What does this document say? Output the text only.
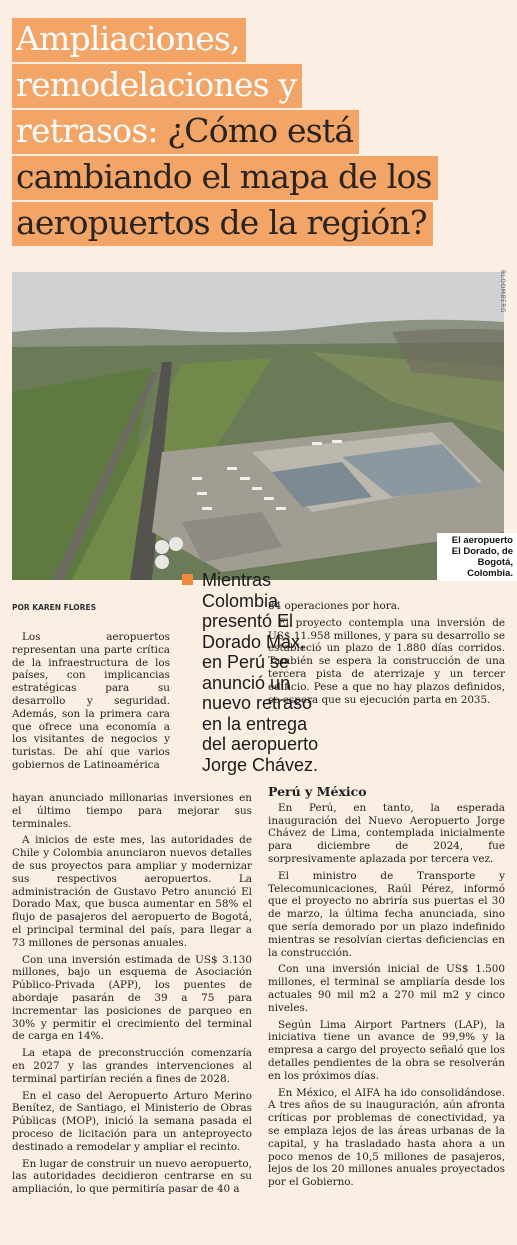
Ampliaciones,
remodelaciones y
retrasos: ¿Cómo está
cambiando el mapa de los
aeropuertos de la región?
BLOOMBERG
El aeropuerto El Dorado, de Bogotá, Colombia.
POR KAREN FLORES
Mientras Colombia presentó El Dorado Max, en Perú se anunció un nuevo retraso en la entrega del aeropuerto Jorge Chávez.

Los aeropuertos representan una parte crítica de la infraestructura de los países, con implicancias estratégicas para su desarrollo y seguridad. Además, son la primera cara que ofrece una economía a los visitantes de negocios y turistas. De ahí que varios gobiernos de Latinoamérica

hayan anunciado millonarias inversiones en el último tiempo para mejorar sus terminales.

A inicios de este mes, las autoridades de Chile y Colombia anunciaron nuevos detalles de sus proyectos para ampliar y modernizar sus respectivos aeropuertos. La administración de Gustavo Petro anunció El Dorado Max, que busca aumentar en 58% el flujo de pasajeros del aeropuerto de Bogotá, el principal terminal del país, para llegar a 73 millones de personas anuales.

Con una inversión estimada de US$ 3.130 millones, bajo un esquema de Asociación Público-Privada (APP), los puentes de abordaje pasarán de 39 a 75 para incrementar las posiciones de parqueo en 30% y permitir el crecimiento del terminal de carga en 14%.

La etapa de preconstrucción comenzaría en 2027 y las grandes intervenciones al terminal partirían recién a fines de 2028.

En el caso del Aeropuerto Arturo Merino Benítez, de Santiago, el Ministerio de Obras Públicas (MOP), inició la semana pasada el proceso de licitación para un anteproyecto destinado a remodelar y ampliar el recinto.

En lugar de construir un nuevo aeropuerto, las autoridades decidieron centrarse en su ampliación, lo que permitiría pasar de 40 a

84 operaciones por hora.

El proyecto contempla una inversión de US$ 11.958 millones, y para su desarrollo se estableció un plazo de 1.880 días corridos. También se espera la construcción de una tercera pista de aterrizaje y un tercer edificio. Pese a que no hay plazos definidos, se espera que su ejecución parta en 2035.

Perú y México

En Perú, en tanto, la esperada inauguración del Nuevo Aeropuerto Jorge Chávez de Lima, contemplada inicialmente para diciembre de 2024, fue sorpresivamente aplazada por tercera vez.

El ministro de Transporte y Telecomunicaciones, Raúl Pérez, informó que el proyecto no abriría sus puertas el 30 de marzo, la última fecha anunciada, sino que sería demorado por un plazo indefinido mientras se resolvían ciertas deficiencias en la construcción.

Con una inversión inicial de US$ 1.500 millones, el terminal se ampliaría desde los actuales 90 mil m2 a 270 mil m2 y cinco niveles.

Según Lima Airport Partners (LAP), la iniciativa tiene un avance de 99,9% y la empresa a cargo del proyecto señaló que los detalles pendientes de la obra se resolverán en los próximos días.

En México, el AIFA ha ido consolidándose. A tres años de su inauguración, aún afronta críticas por problemas de conectividad, ya se emplaza lejos de las áreas urbanas de la capital, y ha trasladado hasta ahora a un poco menos de 10,5 millones de pasajeros, lejos de los 20 millones anuales proyectados por el Gobierno.
